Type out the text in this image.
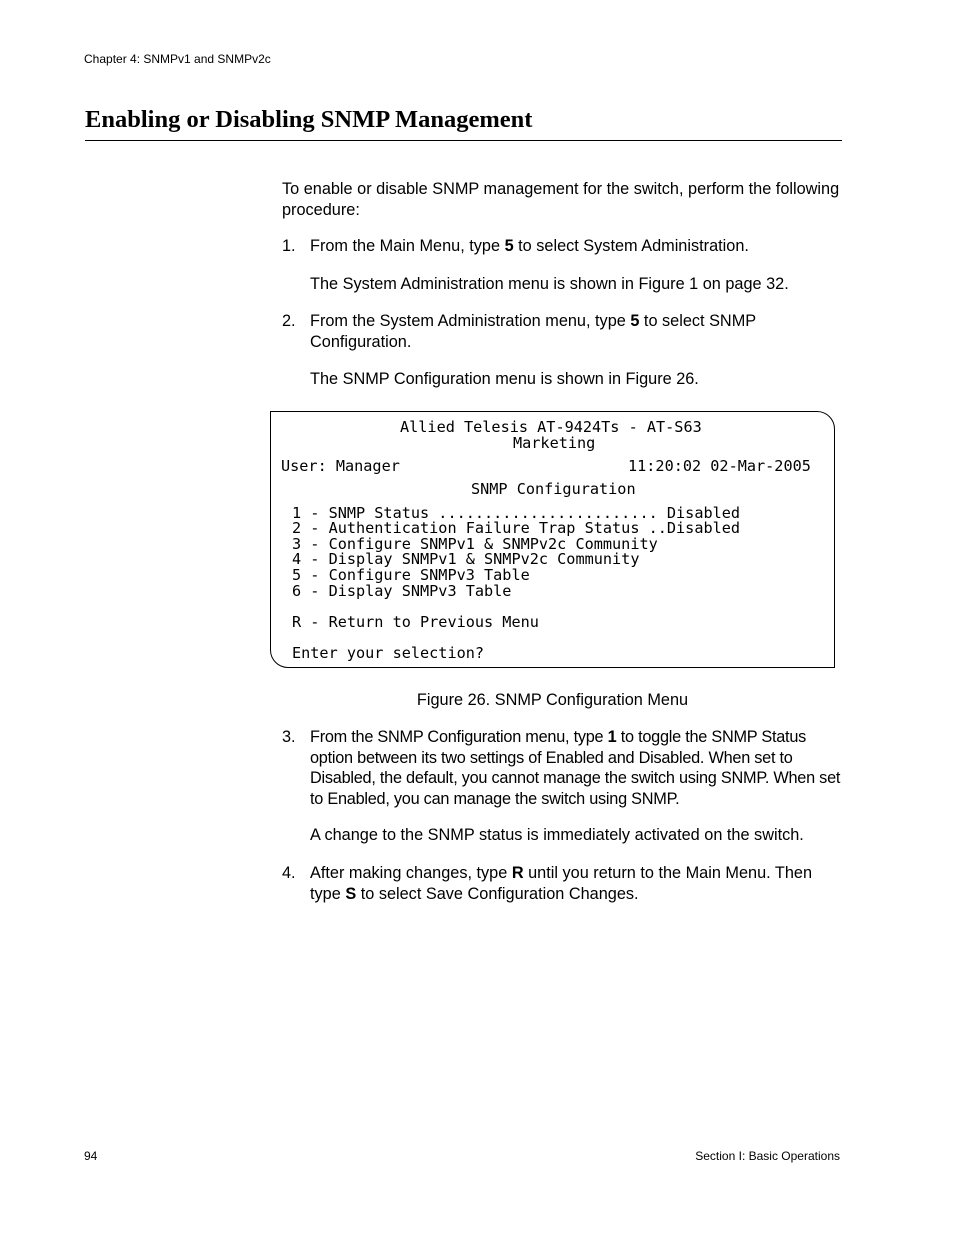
Chapter 4: SNMPv1 and SNMPv2c
Enabling or Disabling SNMP Management
To enable or disable SNMP management for the switch, perform the following procedure:
1. From the Main Menu, type 5 to select System Administration.
The System Administration menu is shown in Figure 1 on page 32.
2. From the System Administration menu, type 5 to select SNMP Configuration.
The SNMP Configuration menu is shown in Figure 26.
Allied Telesis AT-9424Ts - AT-S63
Marketing
User: Manager	11:20:02 02-Mar-2005
SNMP Configuration
1 - SNMP Status ........................ Disabled
2 - Authentication Failure Trap Status ..Disabled
3 - Configure SNMPv1 & SNMPv2c Community
4 - Display SNMPv1 & SNMPv2c Community
5 - Configure SNMPv3 Table
6 - Display SNMPv3 Table
R - Return to Previous Menu
Enter your selection?
Figure 26. SNMP Configuration Menu
3. From the SNMP Configuration menu, type 1 to toggle the SNMP Status option between its two settings of Enabled and Disabled. When set to Disabled, the default, you cannot manage the switch using SNMP. When set to Enabled, you can manage the switch using SNMP.
A change to the SNMP status is immediately activated on the switch.
4. After making changes, type R until you return to the Main Menu. Then type S to select Save Configuration Changes.
94	Section I: Basic Operations
